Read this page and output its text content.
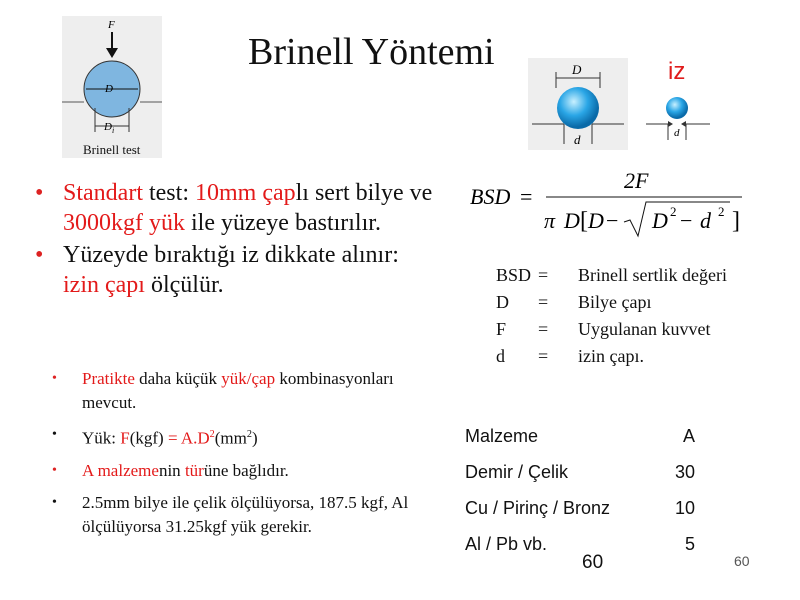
F
D
$D_i$
Brinell test
Brinell Yöntemi	D
d	d
iz
• Standart test: 10mm çaplı sert bilye ve 3000kgf yük ile yüzeye bastırılır.
• Yüzeyde bıraktığı iz dikkate alınır: izin çapı ölçülür.
• Pratikte daha küçük yük/çap kombinasyonları mevcut.
• Yük: $F(kgf) = A.D^2(mm^2)$
• A malzemenin türüne bağlıdır.
• 2.5mm bilye ile çelik ölçülüyorsa, 187.5 kgf, Al ölçülüyorsa 31.25kgf yük gerekir.
BSD =
2F
π D [ D − D 2 − d 2 ]
BSD =	Brinell sertlik değeri
D	=	Bilye çapı
F	=	Uygulanan kuvvet
d	=	izin çapı.
Malzeme	A
Demir / Çelik	30
Cu / Pirinç / Bronz	10
Al / Pb vb.	5
60	60
